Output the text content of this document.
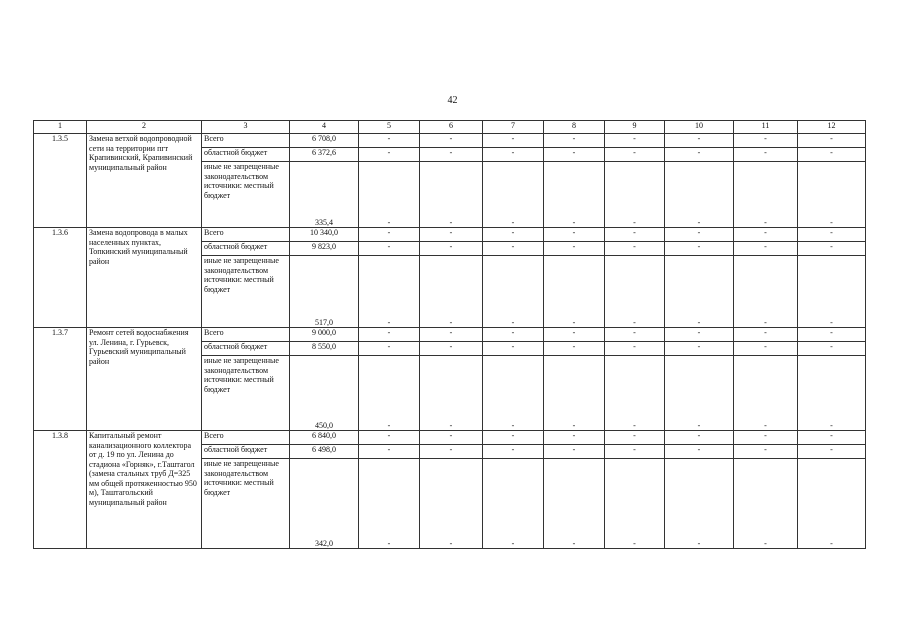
42
1	2	3	4	5	6	7	8	9	10	11	12
1.3.5	Замена ветхой водопроводной сети на территории пгт Крапивинский, Крапивинский муниципальный район	Всего	6 708,0	-	-	-	-	-	-	-	-
		областной бюджет	6 372,6	-	-	-	-	-	-	-	-
		иные не запрещенные законодательством источники: местный бюджет	335,4	-	-	-	-	-	-	-	-
1.3.6	Замена водопровода в малых населенных пунктах, Топкинский муниципальный район	Всего	10 340,0	-	-	-	-	-	-	-	-
		областной бюджет	9 823,0	-	-	-	-	-	-	-	-
		иные не запрещенные законодательством источники: местный бюджет	517,0	-	-	-	-	-	-	-	-
1.3.7	Ремонт сетей водоснабжения ул. Ленина, г. Гурьевск, Гурьевский муниципальный район	Всего	9 000,0	-	-	-	-	-	-	-	-
		областной бюджет	8 550,0	-	-	-	-	-	-	-	-
		иные не запрещенные законодательством источники: местный бюджет	450,0	-	-	-	-	-	-	-	-
1.3.8	Капитальный ремонт канализационного коллектора от д. 19 по ул. Ленина до стадиона «Горняк», г.Таштагол (замена стальных труб Д=325 мм общей протяженностью 950 м), Таштагольский муниципальный район	Всего	6 840,0	-	-	-	-	-	-	-	-
		областной бюджет	6 498,0	-	-	-	-	-	-	-	-
		иные не запрещенные законодательством источники: местный бюджет	342,0	-	-	-	-	-	-	-	-
